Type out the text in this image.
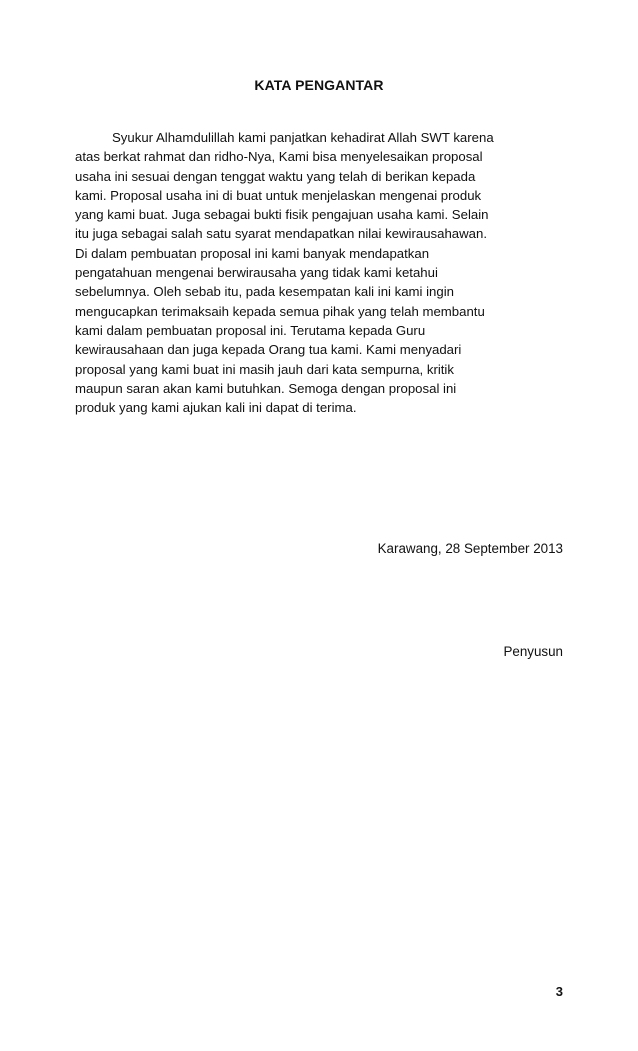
KATA PENGANTAR
Syukur Alhamdulillah kami panjatkan kehadirat Allah SWT karena
atas berkat rahmat dan ridho-Nya, Kami bisa menyelesaikan proposal
usaha ini sesuai dengan tenggat waktu yang telah di berikan kepada
kami. Proposal usaha ini di buat untuk menjelaskan mengenai produk
yang kami buat. Juga sebagai bukti fisik pengajuan usaha kami. Selain
itu juga sebagai salah satu syarat mendapatkan nilai kewirausahawan.
Di dalam pembuatan proposal ini kami banyak mendapatkan
pengatahuan mengenai berwirausaha yang tidak kami ketahui
sebelumnya. Oleh sebab itu, pada kesempatan kali ini kami ingin
mengucapkan terimaksaih kepada semua pihak yang telah membantu
kami dalam pembuatan proposal ini. Terutama kepada Guru
kewirausahaan dan juga kepada Orang tua kami. Kami menyadari
proposal yang kami buat ini masih jauh dari kata sempurna, kritik
maupun saran akan kami butuhkan. Semoga dengan proposal ini
produk yang kami ajukan kali ini dapat di terima.
Karawang, 28 September 2013
Penyusun
3
